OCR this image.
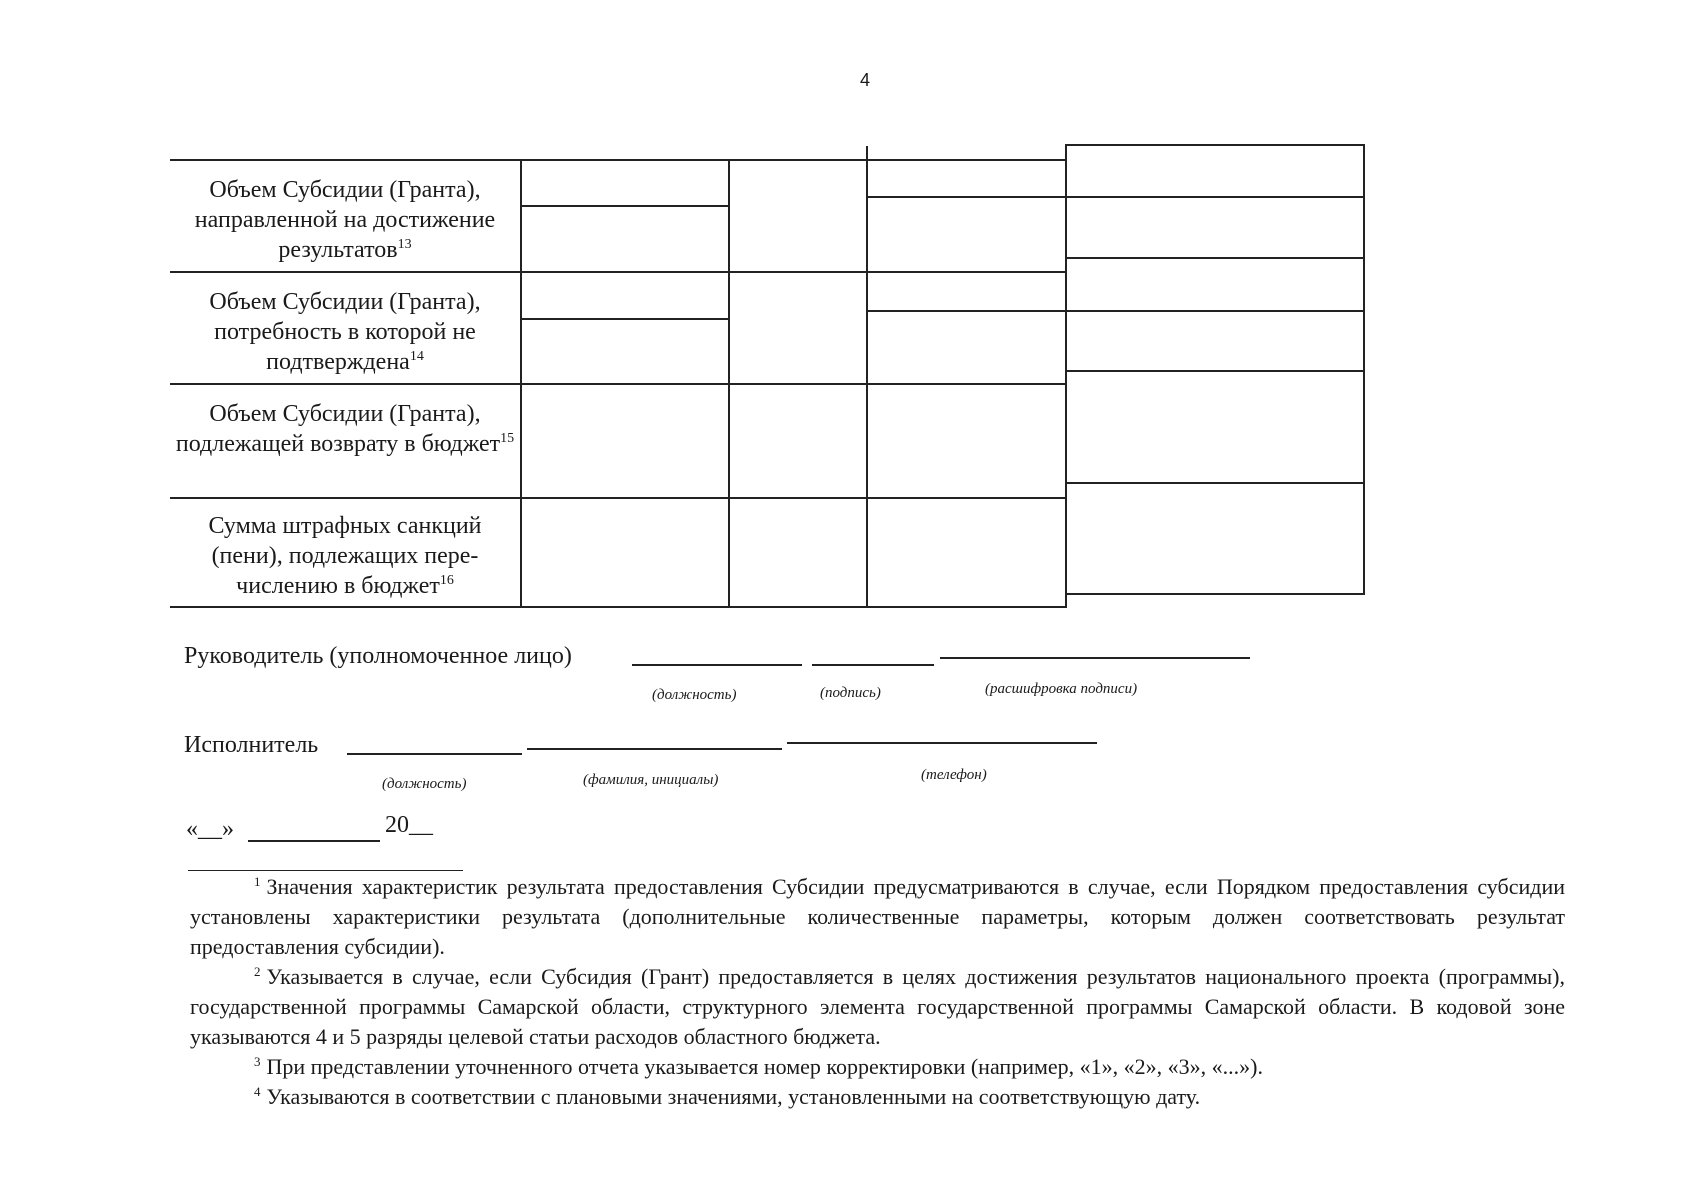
4
Объем Субсидии (Гранта), направленной на достижение результатов$^{13}$
Объем Субсидии (Гранта), потребность в которой не подтверждена$^{14}$
Объем Субсидии (Гранта), подлежащей возврату в бюджет$^{15}$
Сумма штрафных санкций (пени), подлежащих пере-числению в бюджет$^{16}$
Руководитель (уполномоченное лицо)
(должность)	(подпись)	(расшифровка подписи)
Исполнитель
(должность)	(фамилия, инициалы)	(телефон)
«__»	20__

$^1$ Значения характеристик результата предоставления Субсидии предусматриваются в случае, если Порядком предоставления субсидии установлены характеристики результата (дополнительные количественные параметры, которым должен соответствовать результат предоставления субсидии).

$^2$ Указывается в случае, если Субсидия (Грант) предоставляется в целях достижения результатов национального проекта (программы), государственной программы Самарской области, структурного элемента государственной программы Самарской области. В кодовой зоне указываются 4 и 5 разряды целевой статьи расходов областного бюджета.

$^3$ При представлении уточненного отчета указывается номер корректировки (например, «1», «2», «3», «...»).

$^4$ Указываются в соответствии с плановыми значениями, установленными на соответствующую дату.
